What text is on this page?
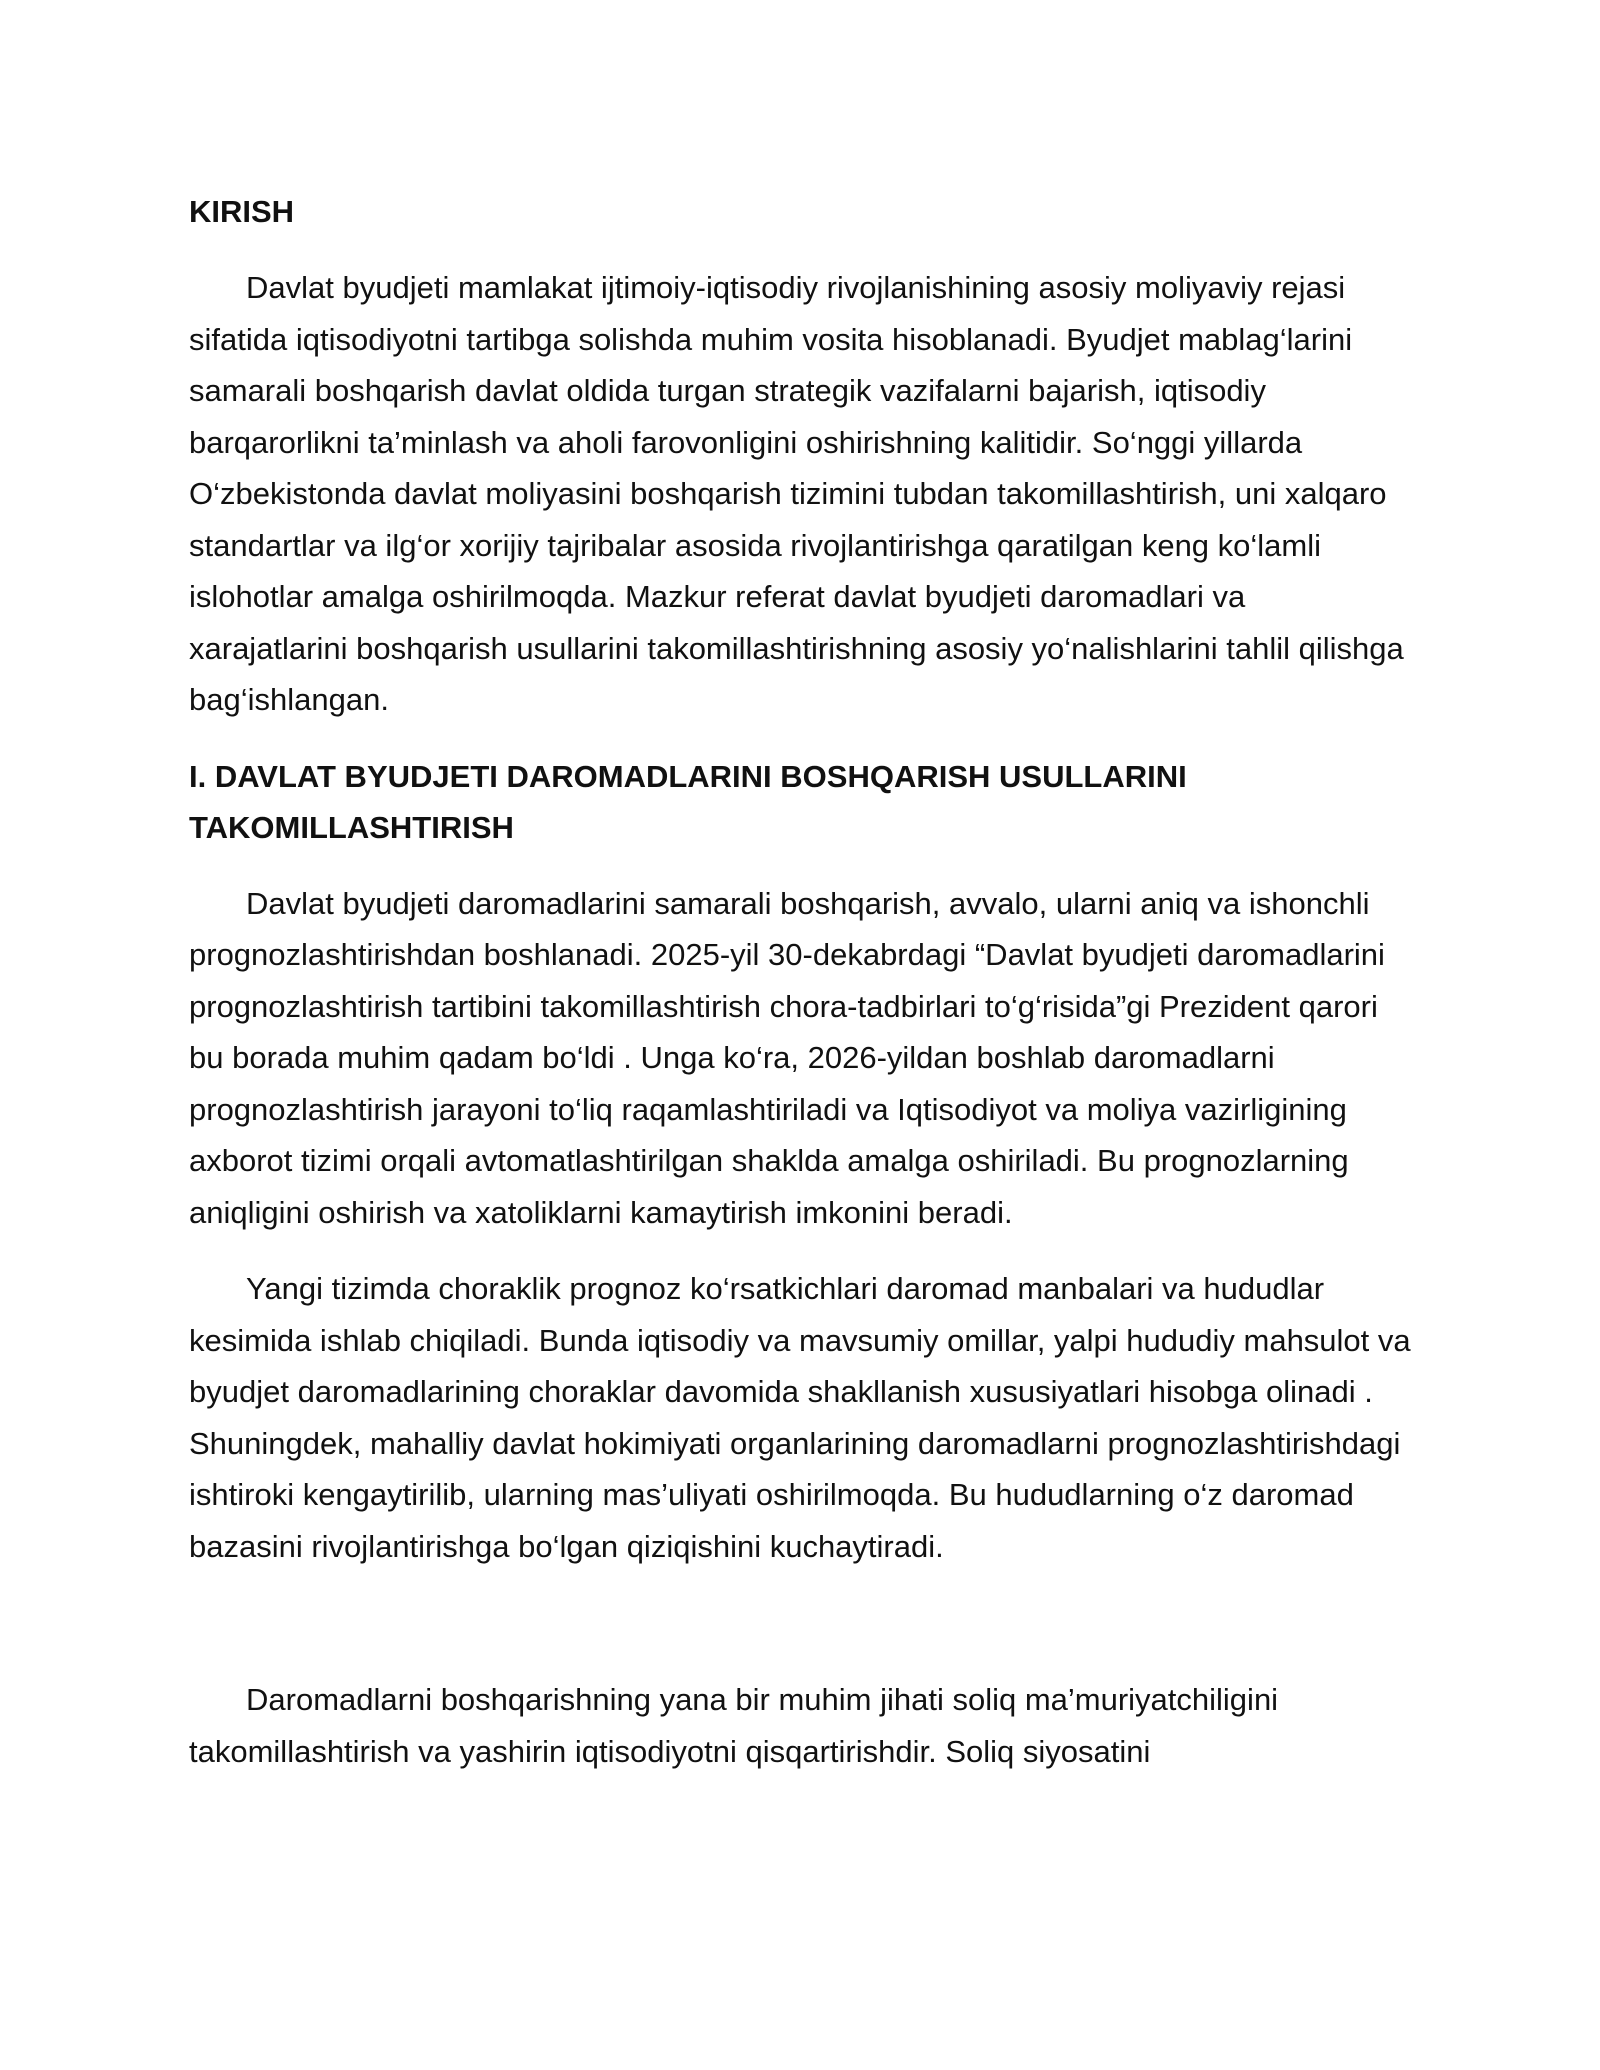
KIRISH

Davlat byudjeti mamlakat ijtimoiy-iqtisodiy rivojlanishining asosiy moliyaviy rejasi sifatida iqtisodiyotni tartibga solishda muhim vosita hisoblanadi. Byudjet mablag‘larini samarali boshqarish davlat oldida turgan strategik vazifalarni bajarish, iqtisodiy barqarorlikni ta’minlash va aholi farovonligini oshirishning kalitidir. So‘nggi yillarda O‘zbekistonda davlat moliyasini boshqarish tizimini tubdan takomillashtirish, uni xalqaro standartlar va ilg‘or xorijiy tajribalar asosida rivojlantirishga qaratilgan keng ko‘lamli islohotlar amalga oshirilmoqda. Mazkur referat davlat byudjeti daromadlari va xarajatlarini boshqarish usullarini takomillashtirishning asosiy yo‘nalishlarini tahlil qilishga bag‘ishlangan.

I. DAVLAT BYUDJETI DAROMADLARINI BOSHQARISH USULLARINI TAKOMILLASHTIRISH

Davlat byudjeti daromadlarini samarali boshqarish, avvalo, ularni aniq va ishonchli prognozlashtirishdan boshlanadi. 2025-yil 30-dekabrdagi “Davlat byudjeti daromadlarini prognozlashtirish tartibini takomillashtirish chora-tadbirlari to‘g‘risida”gi Prezident qarori bu borada muhim qadam bo‘ldi . Unga ko‘ra, 2026-yildan boshlab daromadlarni prognozlashtirish jarayoni to‘liq raqamlashtiriladi va Iqtisodiyot va moliya vazirligining axborot tizimi orqali avtomatlashtirilgan shaklda amalga oshiriladi. Bu prognozlarning aniqligini oshirish va xatoliklarni kamaytirish imkonini beradi.

Yangi tizimda choraklik prognoz ko‘rsatkichlari daromad manbalari va hududlar kesimida ishlab chiqiladi. Bunda iqtisodiy va mavsumiy omillar, yalpi hududiy mahsulot va byudjet daromadlarining choraklar davomida shakllanish xususiyatlari hisobga olinadi . Shuningdek, mahalliy davlat hokimiyati organlarining daromadlarni prognozlashtirishdagi ishtiroki kengaytirilib, ularning mas’uliyati oshirilmoqda. Bu hududlarning o‘z daromad bazasini rivojlantirishga bo‘lgan qiziqishini kuchaytiradi.

Daromadlarni boshqarishning yana bir muhim jihati soliq ma’muriyatchiligini takomillashtirish va yashirin iqtisodiyotni qisqartirishdir. Soliq siyosatini
